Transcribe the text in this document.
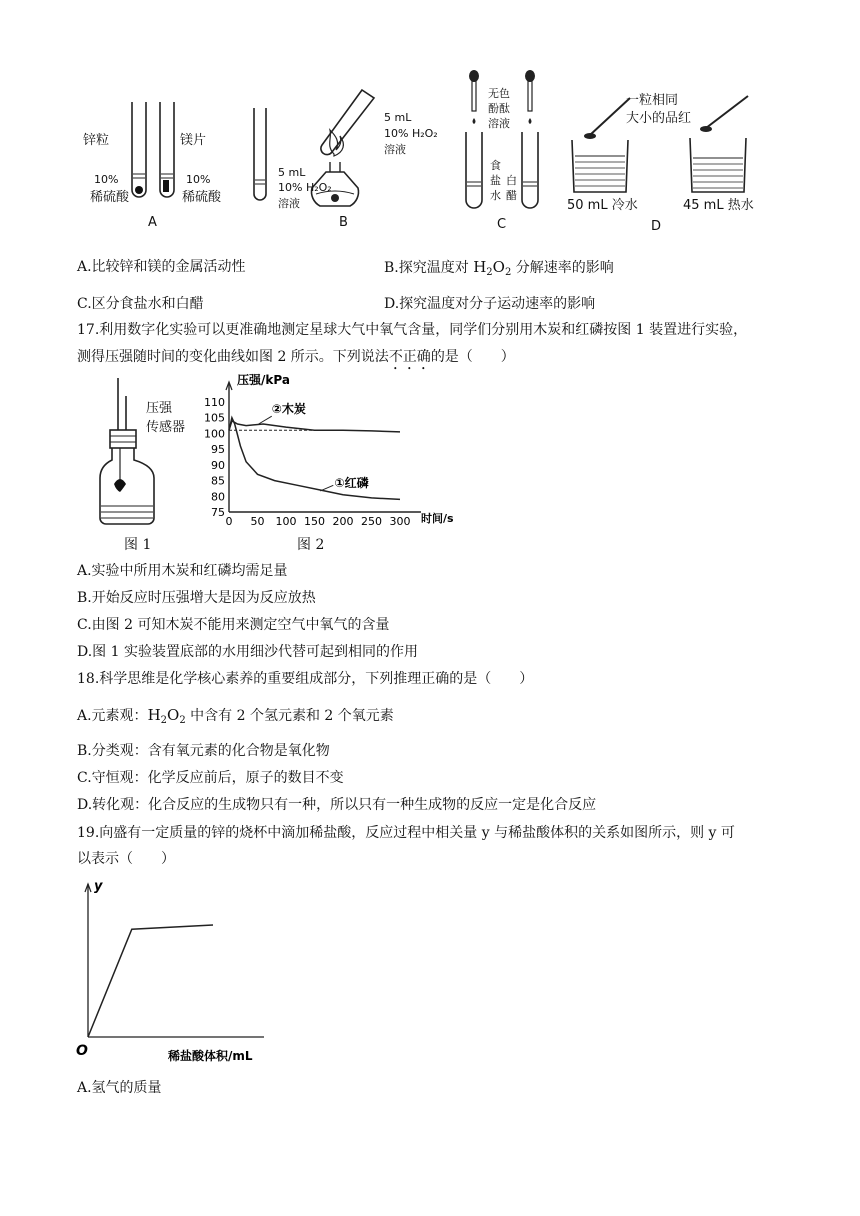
锌粒	镁片
10%
稀硫酸
10%
稀硫酸
A
5 mL
10% H₂O₂
溶液
5 mL
10% H₂O₂
溶液
B
无色
酚酞
溶液
食
盐
水
白
醋
C
一粒相同
大小的品红
50 mL 冷水	45 mL 热水
D
A.比较锌和镁的金属活动性	B.探究温度对 $H_2O_2$ 分解速率的影响
C.区分食盐水和白醋	D.探究温度对分子运动速率的影响
17.利用数字化实验可以更准确地测定星球大气中氧气含量，同学们分别用木炭和红磷按图 1 装置进行实验，
测得压强随时间的变化曲线如图 2 所示。下列说法不正确的是（　　）
压强
传感器
压强/kPa
时间/s
75
80
85
90
95
100
105
110
0 50 100 150 200 250 300
②木炭
①红磷
图 1	图 2
A.实验中所用木炭和红磷均需足量
B.开始反应时压强增大是因为反应放热
C.由图 2 可知木炭不能用来测定空气中氧气的含量
D.图 1 实验装置底部的水用细沙代替可起到相同的作用
18.科学思维是化学核心素养的重要组成部分，下列推理正确的是（　　）
A.元素观：$H_2O_2$ 中含有 2 个氢元素和 2 个氧元素
B.分类观：含有氧元素的化合物是氧化物
C.守恒观：化学反应前后，原子的数目不变
D.转化观：化合反应的生成物只有一种，所以只有一种生成物的反应一定是化合反应
19.向盛有一定质量的锌的烧杯中滴加稀盐酸，反应过程中相关量 y 与稀盐酸体积的关系如图所示，则 y 可
以表示（　　）
y
O	稀盐酸体积/mL
A.氢气的质量
